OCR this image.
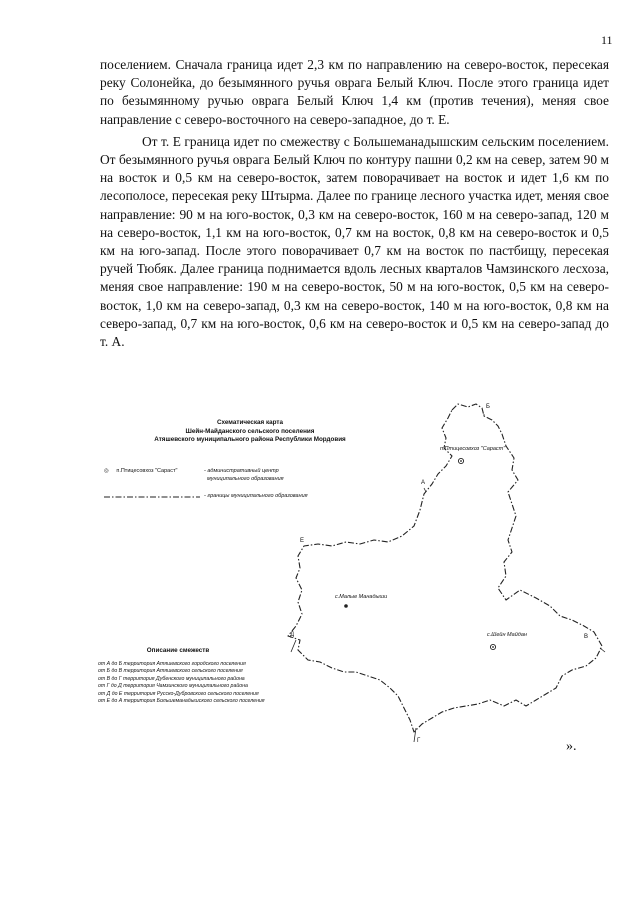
11

поселением. Сначала граница идет 2,3 км по направлению на северо-восток, пересекая реку Солонейка, до безымянного ручья оврага Белый Ключ. После этого граница идет по безымянному ручью оврага Белый Ключ 1,4 км (против течения), меняя свое направление с северо-восточного на северо-западное, до т. Е.

От т. Е граница идет по смежеству с Большеманадышским сельским поселением. От безымянного ручья оврага Белый Ключ по контуру пашни 0,2 км на север, затем 90 м на восток и 0,5 км на северо-восток, затем поворачивает на восток и идет 1,6 км по лесополосе, пересекая реку Штырма. Далее по границе лесного участка идет, меняя свое направление: 90 м на юго-восток, 0,3 км на северо-восток, 160 м на северо-запад, 120 м на северо-восток, 1,1 км на юго-восток, 0,7 км на восток, 0,8 км на северо-восток и 0,5 км на юго-запад. После этого поворачивает 0,7 км на восток по пастбищу, пересекая ручей Тюбяк. Далее граница поднимается вдоль лесных кварталов Чамзинского лесхоза, меняя свое направление: 190 м на северо-восток, 50 м на юго-восток, 0,5 км на северо-восток, 1,0 км на северо-запад, 0,3 км на северо-восток, 140 м на юго-восток, 0,8 км на северо-запад, 0,7 км на юго-восток, 0,6 км на северо-восток и 0,5 км на северо-запад до т. А.

Схематическая карта
Шейн-Майданского сельского поселения
Атяшевского муниципального района Республики Мордовия
◎ п.Птицесовхоз "Сараст"	- административный центр
муниципального образования
- границы муниципального образования
Описание смежеств
от А до Б территория Атяшевского городского поселения
от Б до В территория Атяшевского сельского поселения
от В до Г территория Дубенского муниципального района
от Г до Д территория Чамзинского муниципального района
от Д до Е территория Русско-Дубровского сельского поселения
от Е до А территория Большеманадышского сельского поселения
п.Птицесовхоз "Сараст"
с.Малые Манадыши
с.Шейн Майдан
А
Б
В
Г
Д
Е
».
